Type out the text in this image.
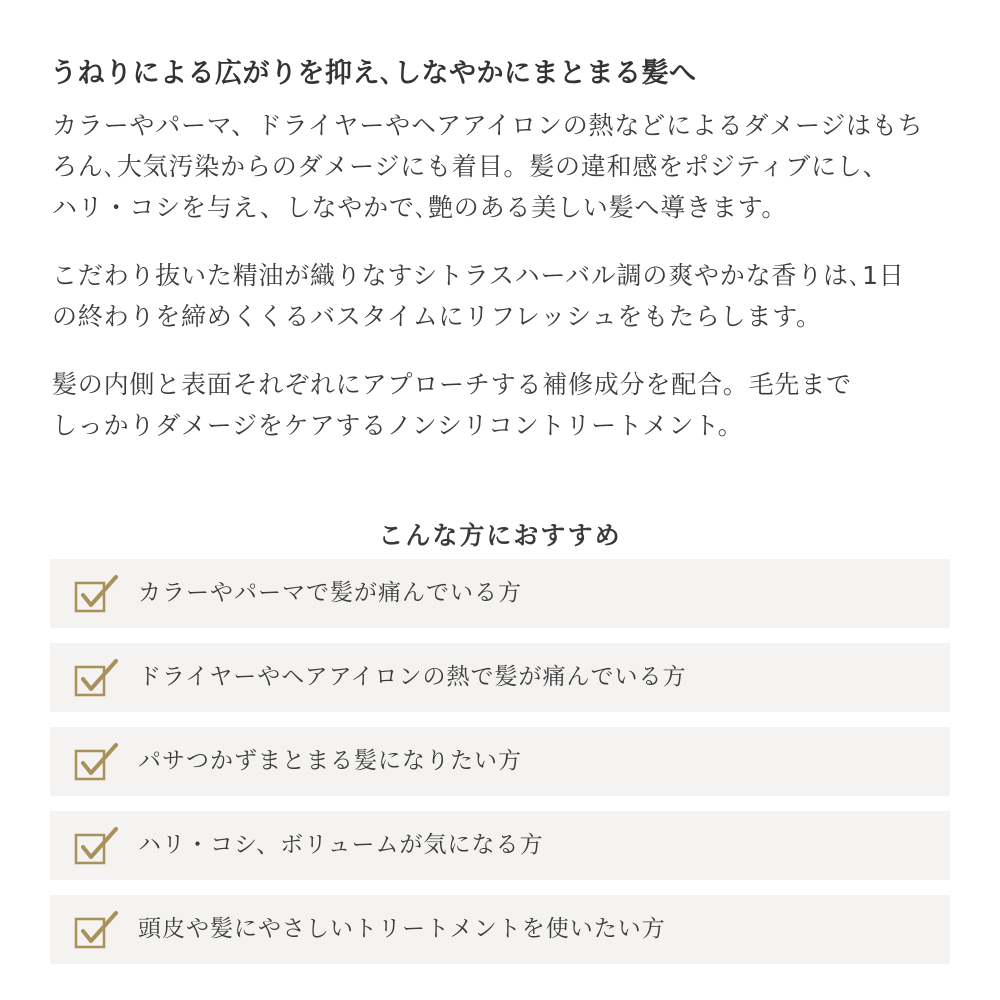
うねりによる広がりを抑え､しなやかにまとまる髪へ
カラーやパーマ、ドライヤーやヘアアイロンの熱などによるダメージはもち
ろん､大気汚染からのダメージにも着目。髪の違和感をポジティブにし、
ハリ・コシを与え、しなやかで､艶のある美しい髪へ導きます。
こだわり抜いた精油が織りなすシトラスハーバル調の爽やかな香りは､1日
の終わりを締めくくるバスタイムにリフレッシュをもたらします。
髪の内側と表面それぞれにアプローチする補修成分を配合。毛先まで
しっかりダメージをケアするノンシリコントリートメント。
こんな方におすすめ
カラーやパーマで髪が痛んでいる方
ドライヤーやヘアアイロンの熱で髪が痛んでいる方
パサつかずまとまる髪になりたい方
ハリ・コシ、ボリュームが気になる方
頭皮や髪にやさしいトリートメントを使いたい方
